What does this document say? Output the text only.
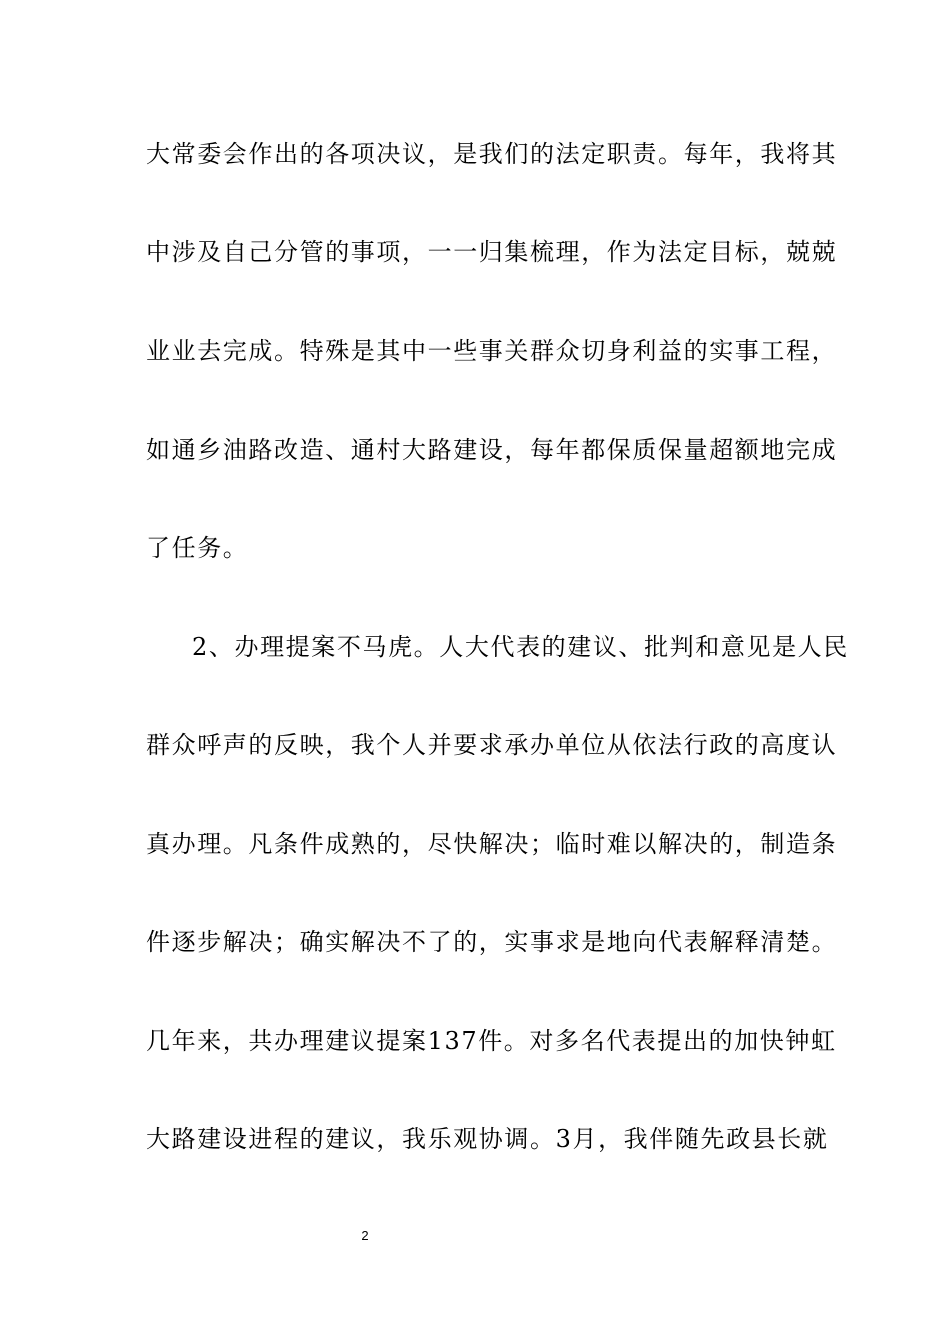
大常委会作出的各项决议，是我们的法定职责。每年，我将其
中涉及自己分管的事项，一一归集梳理，作为法定目标，兢兢
业业去完成。特殊是其中一些事关群众切身利益的实事工程，
如通乡油路改造、通村大路建设，每年都保质保量超额地完成
了任务。
2、办理提案不马虎。人大代表的建议、批判和意见是人民
群众呼声的反映，我个人并要求承办单位从依法行政的高度认
真办理。凡条件成熟的，尽快解决；临时难以解决的，制造条
件逐步解决；确实解决不了的，实事求是地向代表解释清楚。
几年来，共办理建议提案137件。对多名代表提出的加快钟虹
大路建设进程的建议，我乐观协调。3月，我伴随先政县长就
2
